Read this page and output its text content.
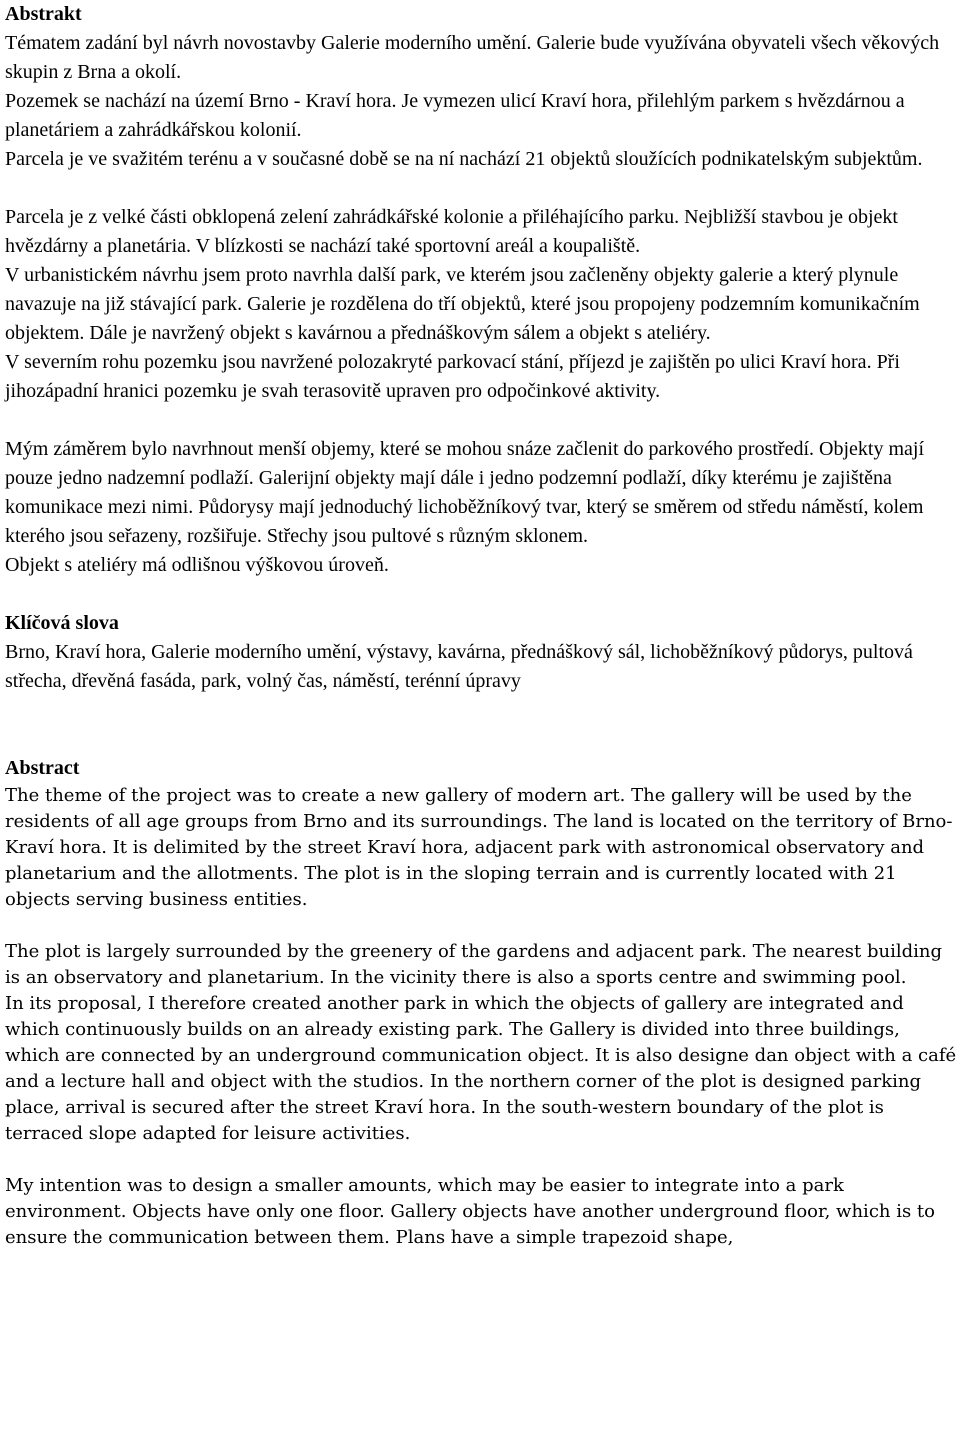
Abstrakt

Tématem zadání byl návrh novostavby Galerie moderního umění. Galerie bude využívána obyvateli všech věkových skupin z Brna a okolí.

Pozemek se nachází na území Brno - Kraví hora. Je vymezen ulicí Kraví hora, přilehlým parkem s hvězdárnou a planetáriem a zahrádkářskou kolonií.

Parcela je ve svažitém terénu a v současné době se na ní nachází 21 objektů sloužících podnikatelským subjektům.

Parcela je z velké části obklopená zelení zahrádkářské kolonie a přiléhajícího parku. Nejbližší stavbou je objekt hvězdárny a planetária. V blízkosti se nachází také sportovní areál a koupaliště.

V urbanistickém návrhu jsem proto navrhla další park, ve kterém jsou začleněny objekty galerie a který plynule navazuje na již stávající park. Galerie je rozdělena do tří objektů, které jsou propojeny podzemním komunikačním objektem. Dále je navržený objekt s kavárnou a přednáškovým sálem a objekt s ateliéry.

V severním rohu pozemku jsou navržené polozakryté parkovací stání, příjezd je zajištěn po ulici Kraví hora. Při jihozápadní hranici pozemku je svah terasovitě upraven pro odpočinkové aktivity.

Mým záměrem bylo navrhnout menší objemy, které se mohou snáze začlenit do parkového prostředí. Objekty mají pouze jedno nadzemní podlaží. Galerijní objekty mají dále i jedno podzemní podlaží, díky kterému je zajištěna komunikace mezi nimi. Půdorysy mají jednoduchý lichoběžníkový tvar, který se směrem od středu náměstí, kolem kterého jsou seřazeny, rozšiřuje. Střechy jsou pultové s různým sklonem.

Objekt s ateliéry má odlišnou výškovou úroveň.

Klíčová slova

Brno, Kraví hora, Galerie moderního umění, výstavy, kavárna, přednáškový sál, lichoběžníkový půdorys, pultová střecha, dřevěná fasáda, park, volný čas, náměstí, terénní úpravy

Abstract

The theme of the project was to create a new gallery of modern art. The gallery will be used by the residents of all age groups from Brno and its surroundings. The land is located on the territory of Brno-Kraví hora. It is delimited by the street Kraví hora, adjacent park with astronomical observatory and planetarium and the allotments. The plot is in the sloping terrain and is currently located with 21 objects serving business entities.

The plot is largely surrounded by the greenery of the gardens and adjacent park. The nearest building is an observatory and planetarium. In the vicinity there is also a sports centre and swimming pool.

In its proposal, I therefore created another park in which the objects of gallery are integrated and which continuously builds on an already existing park. The Gallery is divided into three buildings, which are connected by an underground communication object. It is also designe dan object with a café and a lecture hall and object with the studios. In the northern corner of the plot is designed parking place, arrival is secured after the street Kraví hora. In the south-western boundary of the plot is terraced slope adapted for leisure activities.

My intention was to design a smaller amounts, which may be easier to integrate into a park environment. Objects have only one floor. Gallery objects have another underground floor, which is to ensure the communication between them. Plans have a simple trapezoid shape,
